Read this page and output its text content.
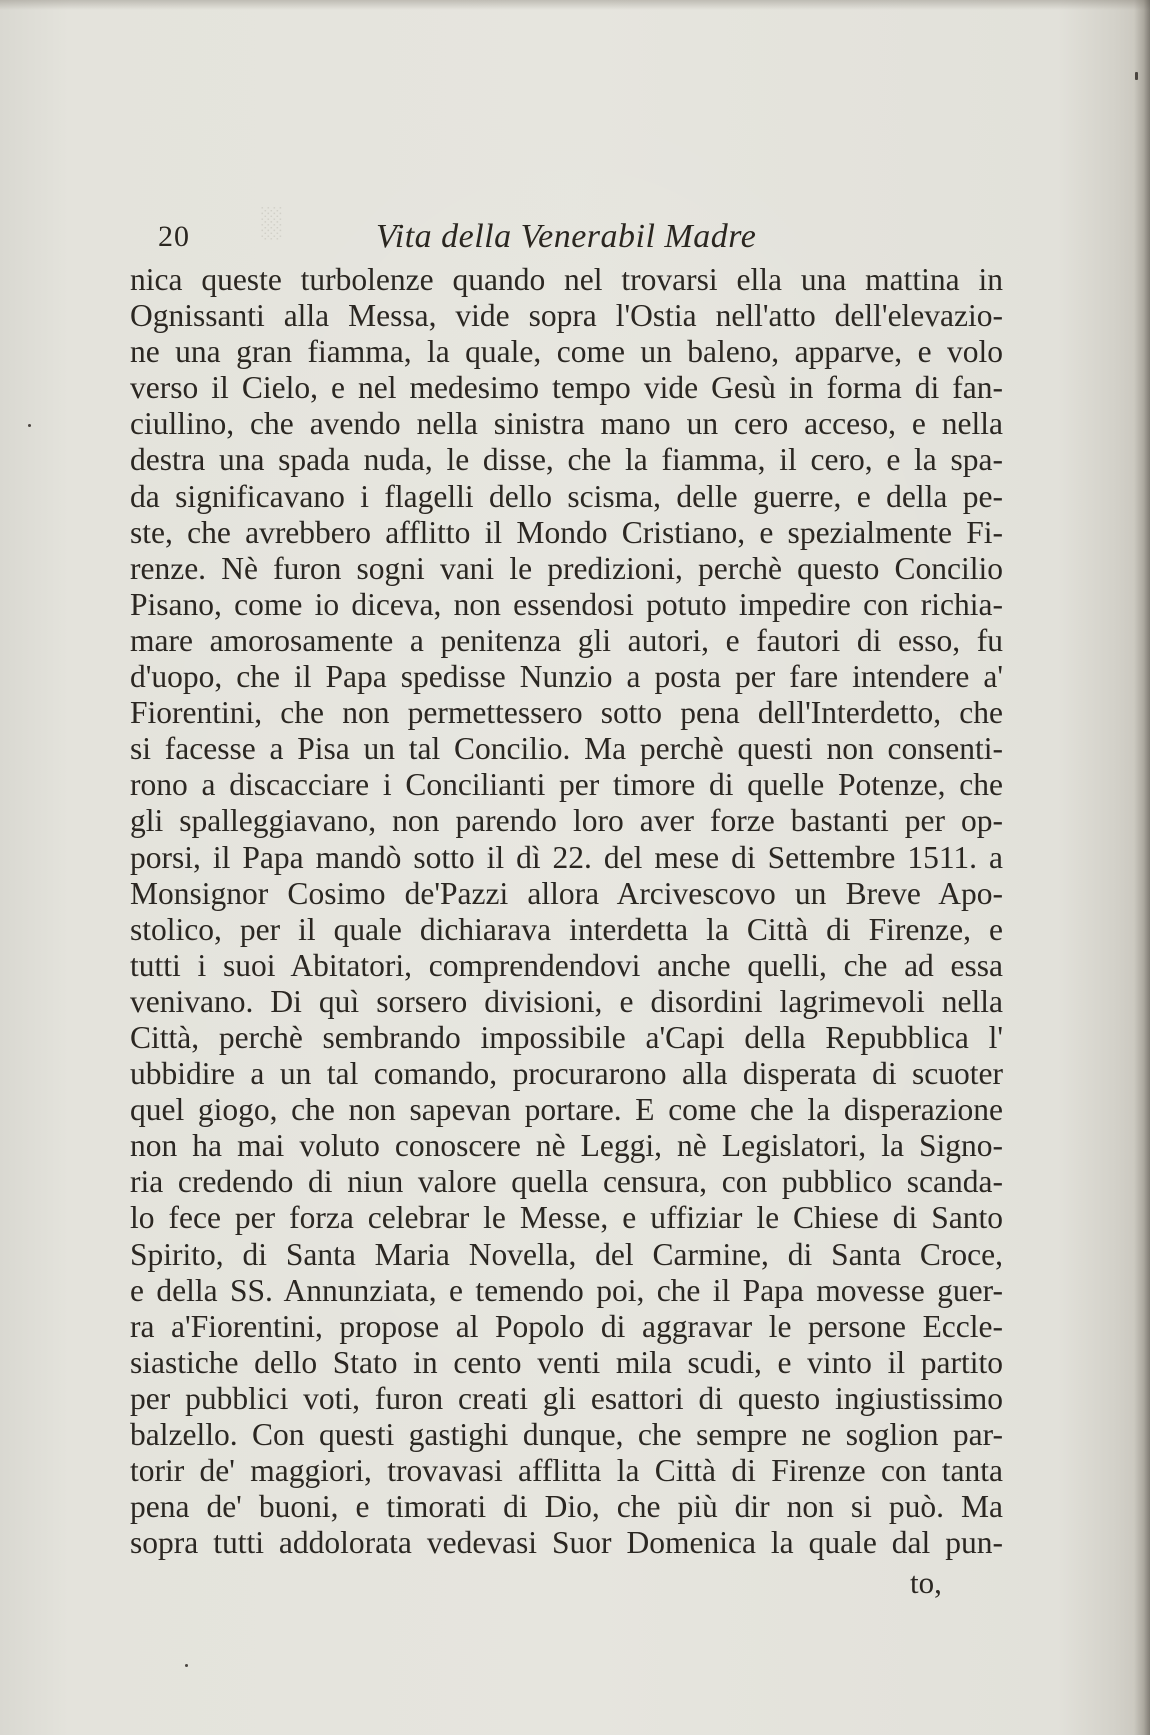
░
20	Vita della Venerabil Madre
nica queste turbolenze quando nel trovarsi ella una mattina in
Ognissanti alla Messa, vide sopra l'Ostia nell'atto dell'elevazio-
ne una gran fiamma, la quale, come un baleno, apparve, e volo
verso il Cielo, e nel medesimo tempo vide Gesù in forma di fan-
ciullino, che avendo nella sinistra mano un cero acceso, e nella
destra una spada nuda, le disse, che la fiamma, il cero, e la spa-
da significavano i flagelli dello scisma, delle guerre, e della pe-
ste, che avrebbero afflitto il Mondo Cristiano, e spezialmente Fi-
renze. Nè furon sogni vani le predizioni, perchè questo Concilio
Pisano, come io diceva, non essendosi potuto impedire con richia-
mare amorosamente a penitenza gli autori, e fautori di esso, fu
d'uopo, che il Papa spedisse Nunzio a posta per fare intendere a'
Fiorentini, che non permettessero sotto pena dell'Interdetto, che
si facesse a Pisa un tal Concilio. Ma perchè questi non consenti-
rono a discacciare i Concilianti per timore di quelle Potenze, che
gli spalleggiavano, non parendo loro aver forze bastanti per op-
porsi, il Papa mandò sotto il dì 22. del mese di Settembre 1511. a
Monsignor Cosimo de'Pazzi allora Arcivescovo un Breve Apo-
stolico, per il quale dichiarava interdetta la Città di Firenze, e
tutti i suoi Abitatori, comprendendovi anche quelli, che ad essa
venivano. Di quì sorsero divisioni, e disordini lagrimevoli nella
Città, perchè sembrando impossibile a'Capi della Repubblica l'
ubbidire a un tal comando, procurarono alla disperata di scuoter
quel giogo, che non sapevan portare. E come che la disperazione
non ha mai voluto conoscere nè Leggi, nè Legislatori, la Signo-
ria credendo di niun valore quella censura, con pubblico scanda-
lo fece per forza celebrar le Messe, e uffiziar le Chiese di Santo
Spirito, di Santa Maria Novella, del Carmine, di Santa Croce,
e della SS. Annunziata, e temendo poi, che il Papa movesse guer-
ra a'Fiorentini, propose al Popolo di aggravar le persone Eccle-
siastiche dello Stato in cento venti mila scudi, e vinto il partito
per pubblici voti, furon creati gli esattori di questo ingiustissimo
balzello. Con questi gastighi dunque, che sempre ne soglion par-
torir de' maggiori, trovavasi afflitta la Città di Firenze con tanta
pena de' buoni, e timorati di Dio, che più dir non si può. Ma
sopra tutti addolorata vedevasi Suor Domenica la quale dal pun-
to,
